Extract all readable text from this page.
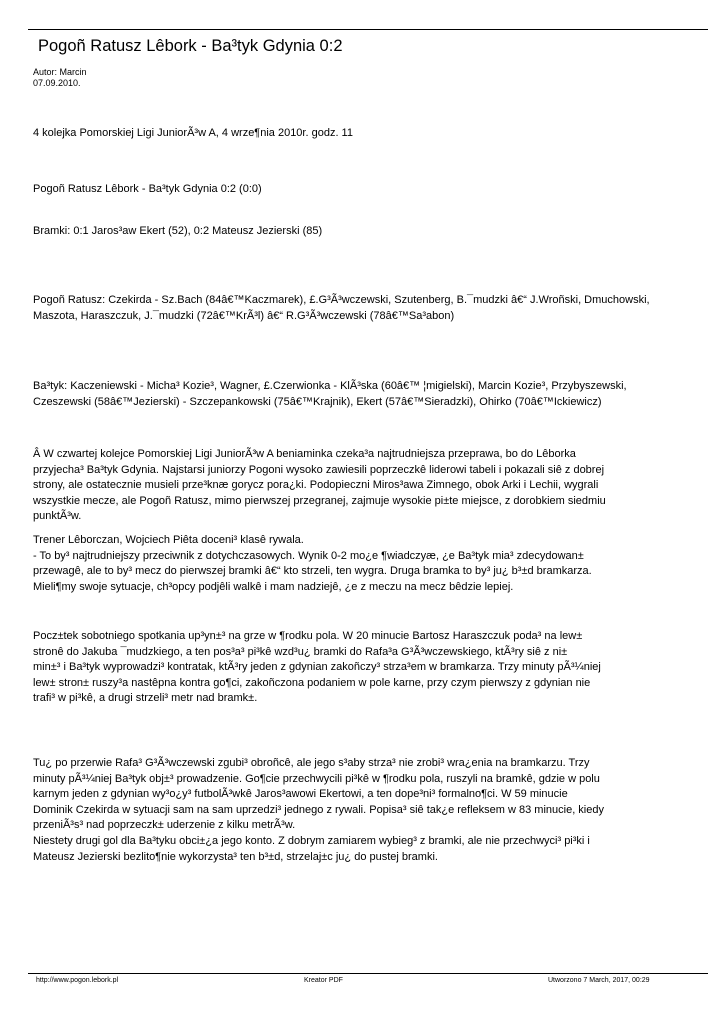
Pogoñ Ratusz Lêbork - Ba³tyk Gdynia 0:2
Autor: Marcin
07.09.2010.
4 kolejka Pomorskiej Ligi JuniorÃ³w A, 4 wrze¶nia 2010r. godz. 11
Pogoñ Ratusz Lêbork - Ba³tyk Gdynia 0:2 (0:0)
Bramki: 0:1 Jaros³aw Ekert (52), 0:2 Mateusz Jezierski (85)
Pogoñ Ratusz: Czekirda - Sz.Bach (84â€™Kaczmarek), £.G³Ã³wczewski, Szutenberg, B.¯mudzki â€“ J.Wroñski, Dmuchowski,
Maszota, Haraszczuk, J.¯mudzki (72â€™KrÃ³l) â€“ R.G³Ã³wczewski (78â€™Sa³abon)
Ba³tyk: Kaczeniewski - Micha³ Kozie³, Wagner, £.Czerwionka - KlÃ³ska (60â€™ ¦migielski), Marcin Kozie³, Przybyszewski,
Czeszewski (58â€™Jezierski) - Szczepankowski (75â€™Krajnik), Ekert (57â€™Sieradzki), Ohirko (70â€™Ickiewicz)
Â W czwartej kolejce Pomorskiej Ligi JuniorÃ³w A beniaminka czeka³a najtrudniejsza przeprawa, bo do Lêborka
przyjecha³ Ba³tyk Gdynia. Najstarsi juniorzy Pogoni wysoko zawiesili poprzeczkê liderowi tabeli i pokazali siê z dobrej
strony, ale ostatecznie musieli prze³knæ gorycz pora¿ki. Podopieczni Miros³awa Zimnego, obok Arki i Lechii, wygrali
wszystkie mecze, ale Pogoñ Ratusz, mimo pierwszej przegranej, zajmuje wysokie pi±te miejsce, z dorobkiem siedmiu
punktÃ³w.
Trener Lêborczan, Wojciech Piêta doceni³ klasê rywala.
- To by³ najtrudniejszy przeciwnik z dotychczasowych. Wynik 0-2 mo¿e ¶wiadczyæ, ¿e Ba³tyk mia³ zdecydowan±
przewagê, ale to by³ mecz do pierwszej bramki â€“ kto strzeli, ten wygra. Druga bramka to by³ ju¿ b³±d bramkarza.
Mieli¶my swoje sytuacje, ch³opcy podjêli walkê i mam nadziejê, ¿e z meczu na mecz bêdzie lepiej.
Pocz±tek sobotniego spotkania up³yn±³ na grze w ¶rodku pola. W 20 minucie Bartosz Haraszczuk poda³ na lew±
stronê do Jakuba ¯mudzkiego, a ten pos³a³ pi³kê wzd³u¿ bramki do Rafa³a G³Ã³wczewskiego, ktÃ³ry siê z ni±
min±³ i Ba³tyk wyprowadzi³ kontratak, ktÃ³ry jeden z gdynian zakoñczy³ strza³em w bramkarza. Trzy minuty pÃ³¼niej
lew± stron± ruszy³a nastêpna kontra go¶ci, zakoñczona podaniem w pole karne, przy czym pierwszy z gdynian nie
trafi³ w pi³kê, a drugi strzeli³ metr nad bramk±.
Tu¿ po przerwie Rafa³ G³Ã³wczewski zgubi³ obroñcê, ale jego s³aby strza³ nie zrobi³ wra¿enia na bramkarzu. Trzy
minuty pÃ³¼niej Ba³tyk obj±³ prowadzenie. Go¶cie przechwycili pi³kê w ¶rodku pola, ruszyli na bramkê, gdzie w polu
karnym jeden z gdynian wy³o¿y³ futbolÃ³wkê Jaros³awowi Ekertowi, a ten dope³ni³ formalno¶ci. W 59 minucie
Dominik Czekirda w sytuacji sam na sam uprzedzi³ jednego z rywali. Popisa³ siê tak¿e refleksem w 83 minucie, kiedy
przeniÃ³s³ nad poprzeczk± uderzenie z kilku metrÃ³w.
Niestety drugi gol dla Ba³tyku obci±¿a jego konto. Z dobrym zamiarem wybieg³ z bramki, ale nie przechwyci³ pi³ki i
Mateusz Jezierski bezlito¶nie wykorzysta³ ten b³±d, strzelaj±c ju¿ do pustej bramki.
http://www.pogon.lebork.pl	Kreator PDF	Utworzono 7 March, 2017, 00:29
